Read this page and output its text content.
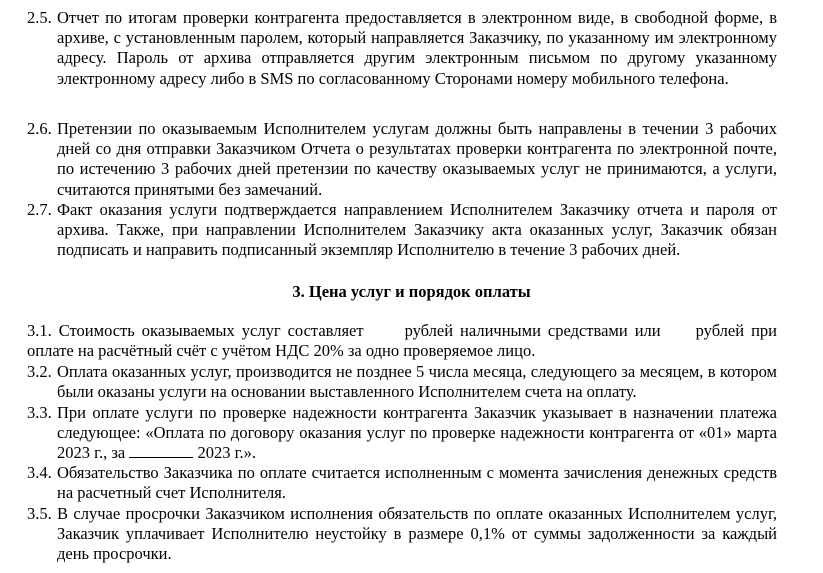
2.5. Отчет по итогам проверки контрагента предоставляется в электронном виде, в свободной форме, в архиве, с установленным паролем, который направляется Заказчику, по указанному им электронному адресу. Пароль от архива отправляется другим электронным письмом по другому указанному электронному адресу либо в SMS по согласованному Сторонами номеру мобильного телефона.
2.6. Претензии по оказываемым Исполнителем услугам должны быть направлены в течении 3 рабочих дней со дня отправки Заказчиком Отчета о результатах проверки контрагента по электронной почте, по истечению 3 рабочих дней претензии по качеству оказываемых услуг не принимаются, а услуги, считаются принятыми без замечаний.
2.7. Факт оказания услуги подтверждается направлением Исполнителем Заказчику отчета и пароля от архива. Также, при направлении Исполнителем Заказчику акта оказанных услуг, Заказчик обязан подписать и направить подписанный экземпляр Исполнителю в течение 3 рабочих дней.
3. Цена услуг и порядок оплаты
3.1. Стоимость оказываемых услуг составляет рублей наличными средствами или рублей при оплате на расчётный счёт с учётом НДС 20% за одно проверяемое лицо.
3.2. Оплата оказанных услуг, производится не позднее 5 числа месяца, следующего за месяцем, в котором были оказаны услуги на основании выставленного Исполнителем счета на оплату.
3.3. При оплате услуги по проверке надежности контрагента Заказчик указывает в назначении платежа следующее: «Оплата по договору оказания услуг по проверке надежности контрагента от «01» марта 2023 г., за	2023 г.».
3.4. Обязательство Заказчика по оплате считается исполненным с момента зачисления денежных средств на расчетный счет Исполнителя.
3.5. В случае просрочки Заказчиком исполнения обязательств по оплате оказанных Исполнителем услуг, Заказчик уплачивает Исполнителю неустойку в размере 0,1% от суммы задолженности за каждый день просрочки.
